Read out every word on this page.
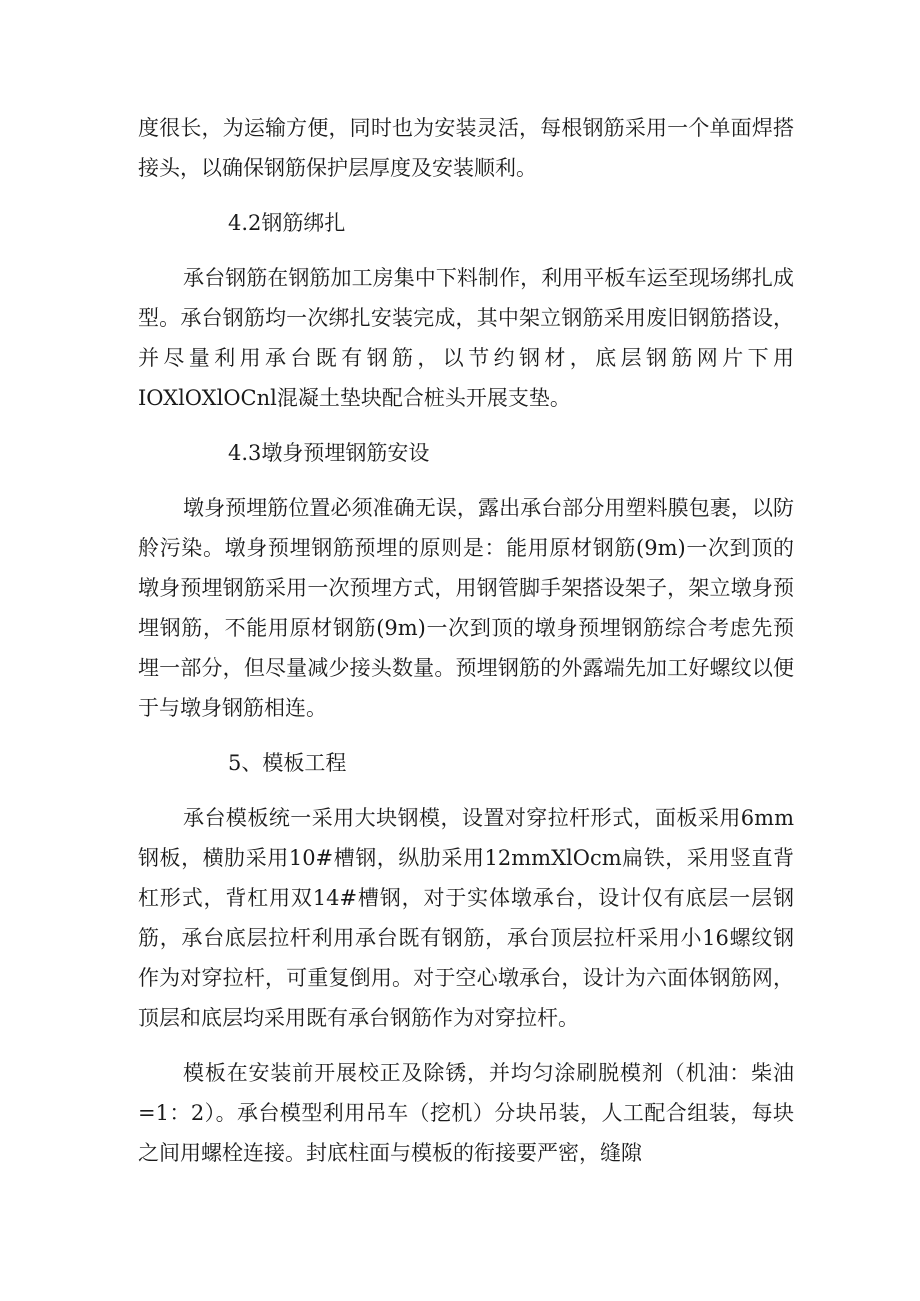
度很长，为运输方便，同时也为安装灵活，每根钢筋采用一个单面焊搭接头，以确保钢筋保护层厚度及安装顺利。

4.2钢筋绑扎

承台钢筋在钢筋加工房集中下料制作，利用平板车运至现场绑扎成型。承台钢筋均一次绑扎安装完成，其中架立钢筋采用废旧钢筋搭设，并尽量利用承台既有钢筋，以节约钢材，底层钢筋网片下用IOXlOXlOCnl混凝土垫块配合桩头开展支垫。

4.3墩身预埋钢筋安设

墩身预埋筋位置必须准确无误，露出承台部分用塑料膜包裹，以防舲污染。墩身预埋钢筋预埋的原则是：能用原材钢筋(9m)一次到顶的墩身预埋钢筋采用一次预埋方式，用钢管脚手架搭设架子，架立墩身预埋钢筋，不能用原材钢筋(9m)一次到顶的墩身预埋钢筋综合考虑先预埋一部分，但尽量减少接头数量。预埋钢筋的外露端先加工好螺纹以便于与墩身钢筋相连。

5、模板工程

承台模板统一采用大块钢模，设置对穿拉杆形式，面板采用6mm钢板，横肋采用10#槽钢，纵肋采用12mmXlOcm扁铁，采用竖直背杠形式，背杠用双14#槽钢，对于实体墩承台，设计仅有底层一层钢筋，承台底层拉杆利用承台既有钢筋，承台顶层拉杆采用小16螺纹钢作为对穿拉杆，可重复倒用。对于空心墩承台，设计为六面体钢筋网，顶层和底层均采用既有承台钢筋作为对穿拉杆。

模板在安装前开展校正及除锈，并均匀涂刷脱模剂（机油：柴油=1：2）。承台模型利用吊车（挖机）分块吊装，人工配合组装，每块之间用螺栓连接。封底柱面与模板的衔接要严密，缝隙
